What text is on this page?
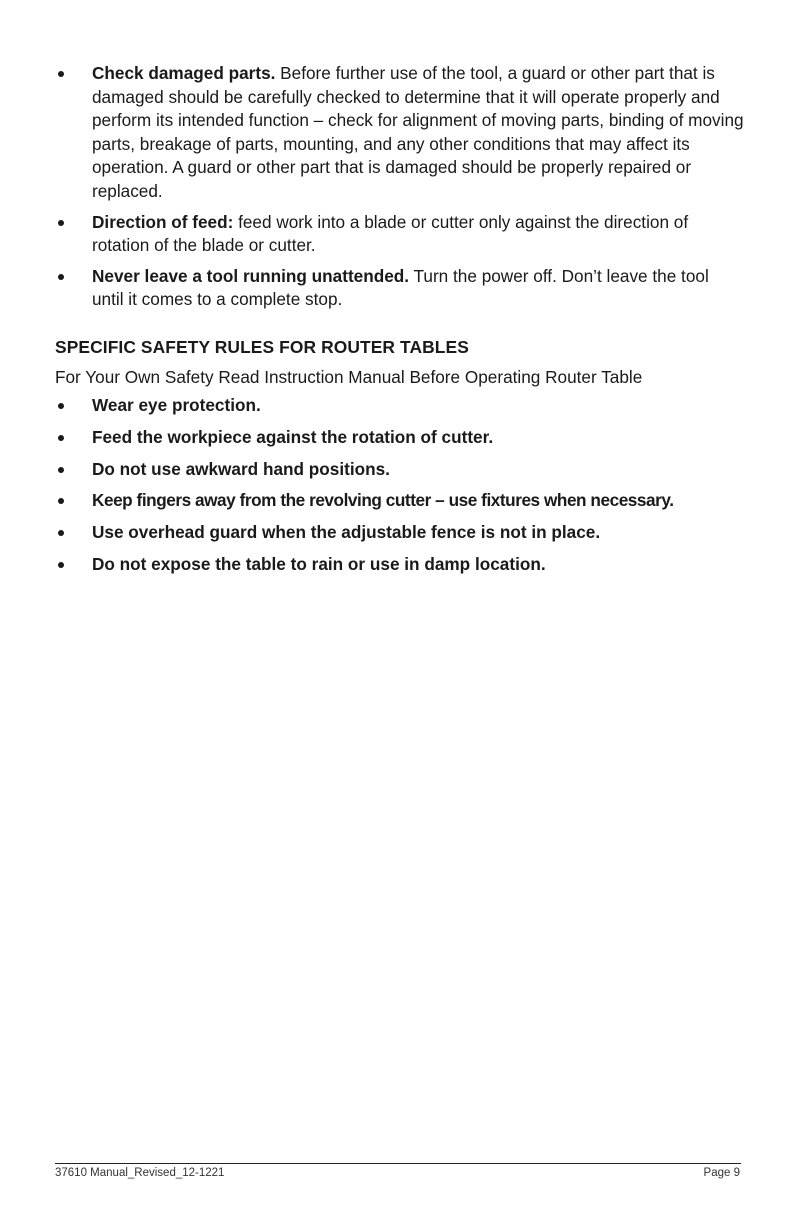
Check damaged parts. Before further use of the tool, a guard or other part that is damaged should be carefully checked to determine that it will operate properly and perform its intended function – check for alignment of moving parts, binding of moving parts, breakage of parts, mounting, and any other conditions that may affect its operation. A guard or other part that is damaged should be properly repaired or replaced.
Direction of feed: feed work into a blade or cutter only against the direction of rotation of the blade or cutter.
Never leave a tool running unattended. Turn the power off. Don’t leave the tool until it comes to a complete stop.
SPECIFIC SAFETY RULES FOR ROUTER TABLES

For Your Own Safety Read Instruction Manual Before Operating Router Table

Wear eye protection.
Feed the workpiece against the rotation of cutter.
Do not use awkward hand positions.
Keep fingers away from the revolving cutter – use fixtures when necessary.
Use overhead guard when the adjustable fence is not in place.
Do not expose the table to rain or use in damp location.
37610 Manual_Revised_12-1221	Page 9
